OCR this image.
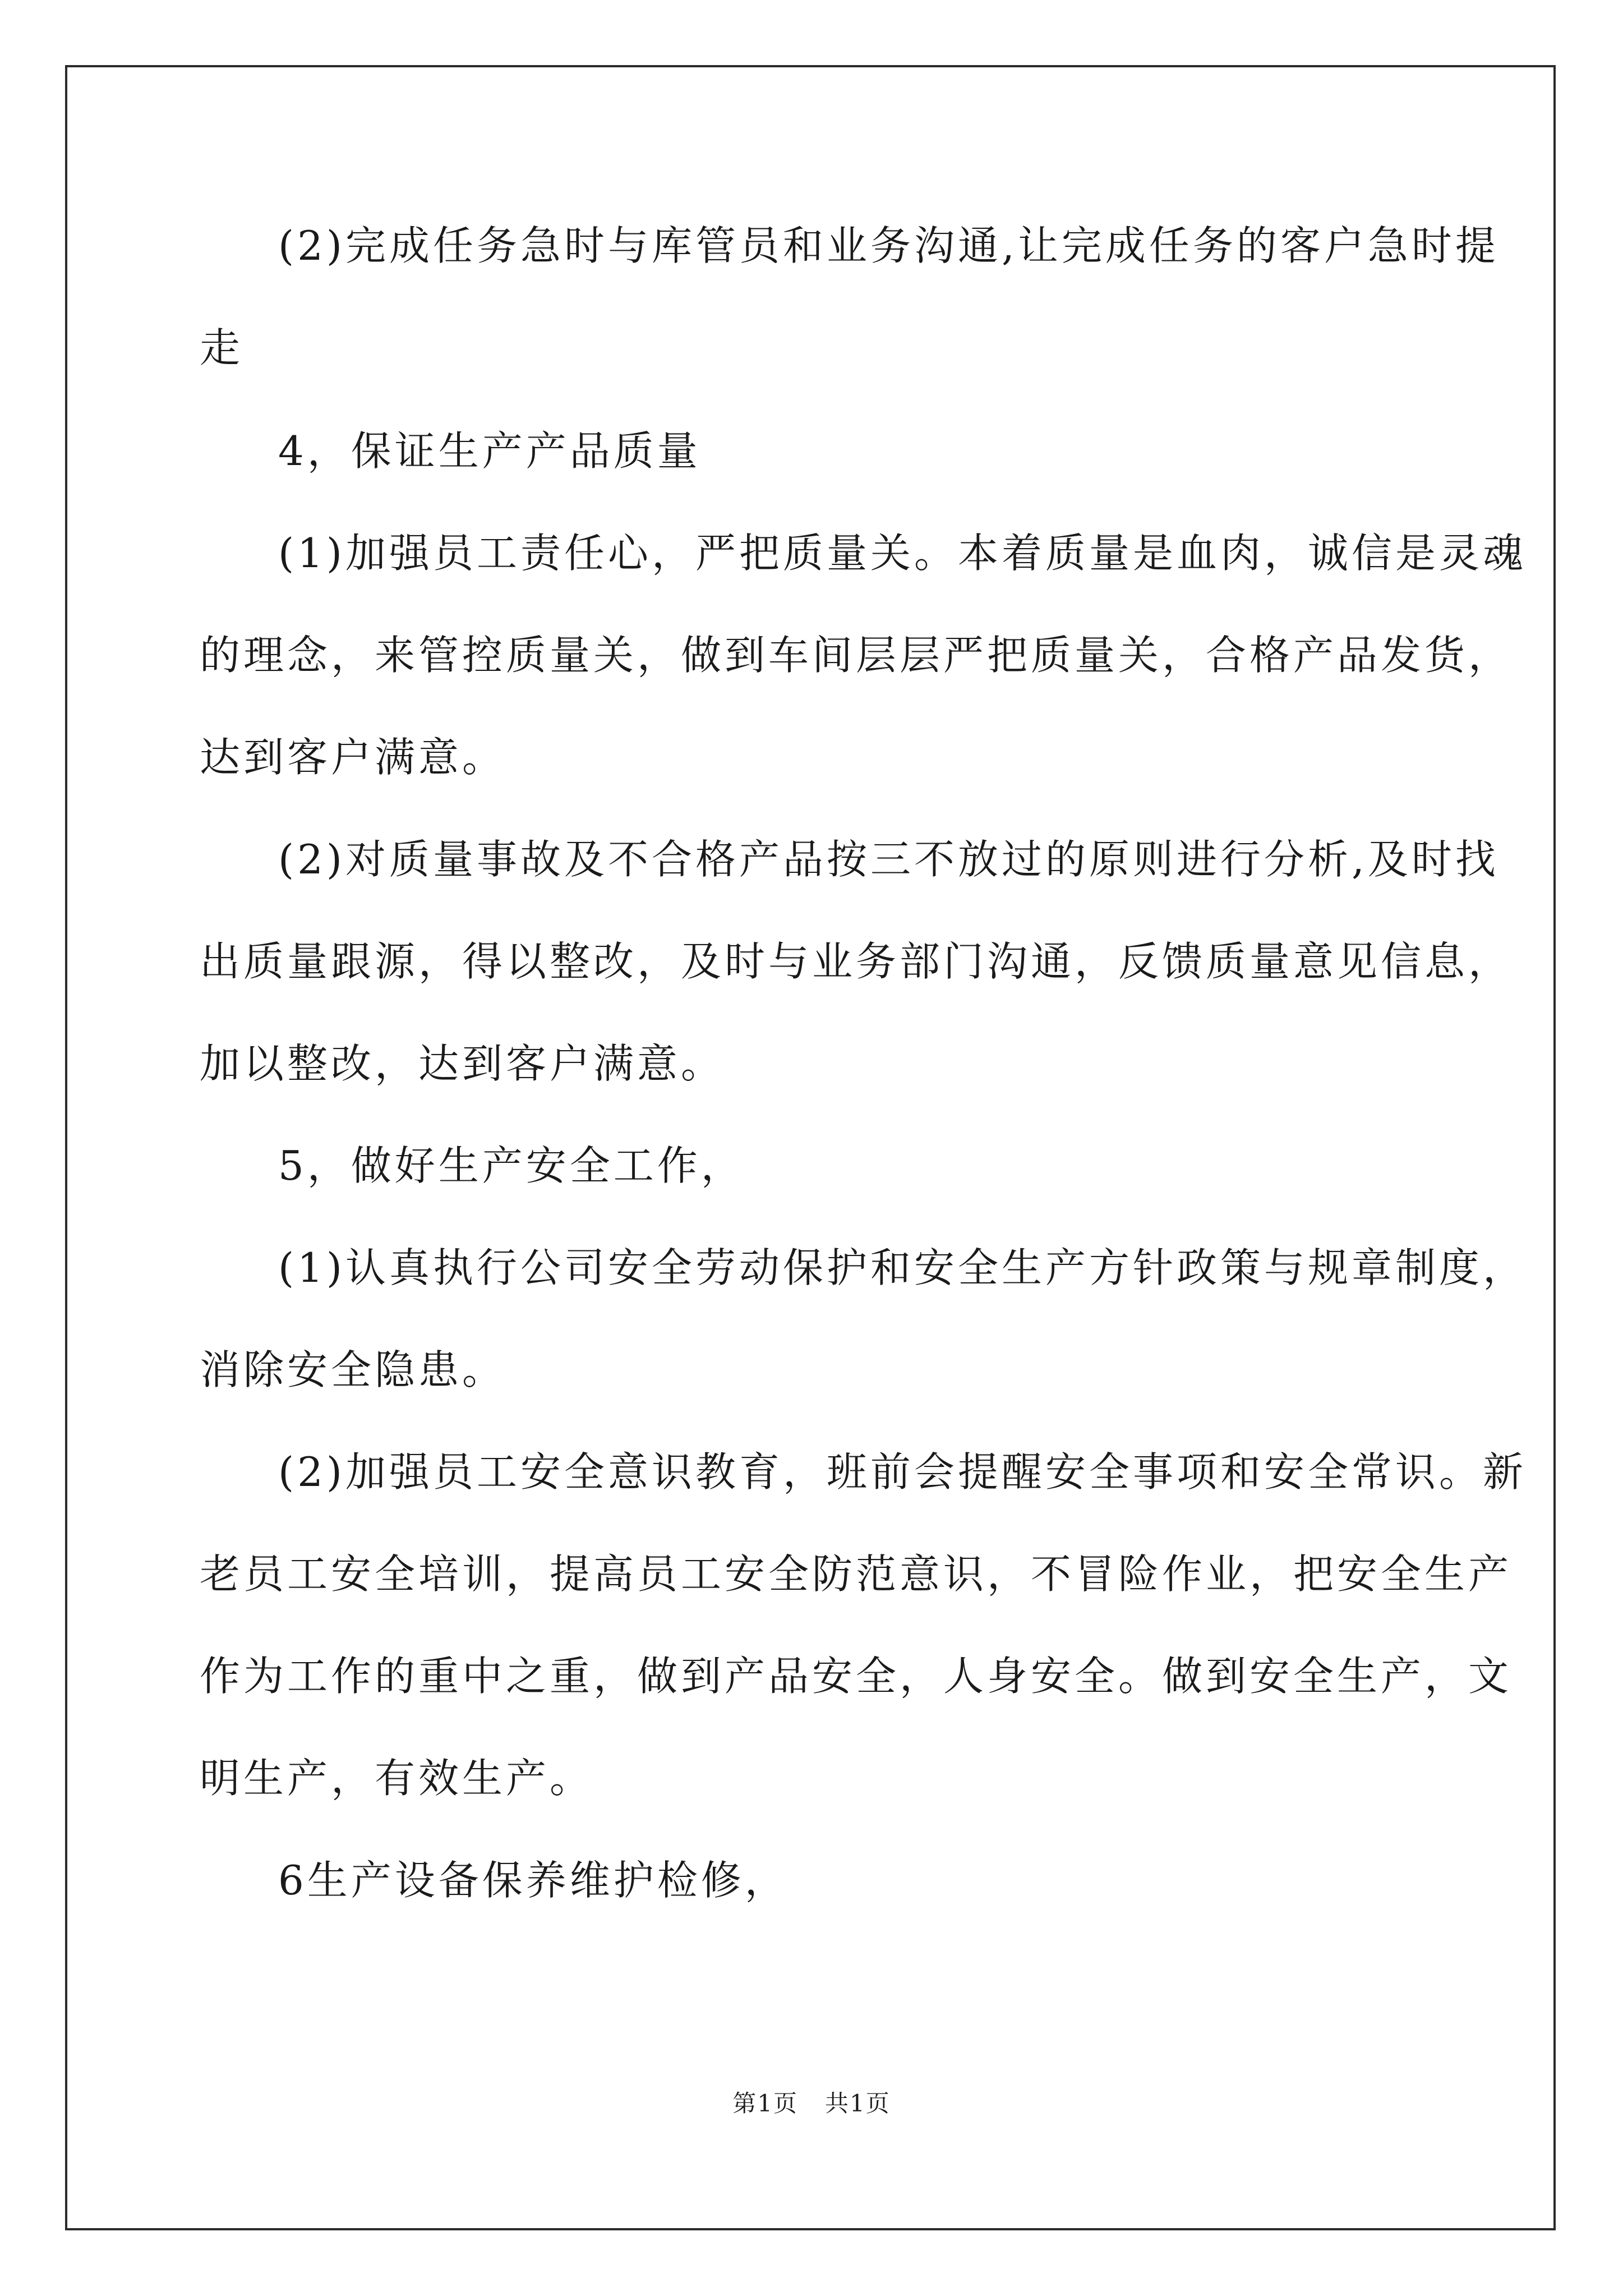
(2)完成任务急时与库管员和业务沟通,让完成任务的客户急时提
走
4，保证生产产品质量
(1)加强员工责任心，严把质量关。本着质量是血肉，诚信是灵魂
的理念，来管控质量关，做到车间层层严把质量关，合格产品发货，
达到客户满意。
(2)对质量事故及不合格产品按三不放过的原则进行分析,及时找
出质量跟源，得以整改，及时与业务部门沟通，反馈质量意见信息，
加以整改，达到客户满意。
5，做好生产安全工作，
(1)认真执行公司安全劳动保护和安全生产方针政策与规章制度，
消除安全隐患。
(2)加强员工安全意识教育，班前会提醒安全事项和安全常识。新
老员工安全培训，提高员工安全防范意识，不冒险作业，把安全生产
作为工作的重中之重，做到产品安全，人身安全。做到安全生产，文
明生产，有效生产。
6生产设备保养维护检修，
第1页 共1页
